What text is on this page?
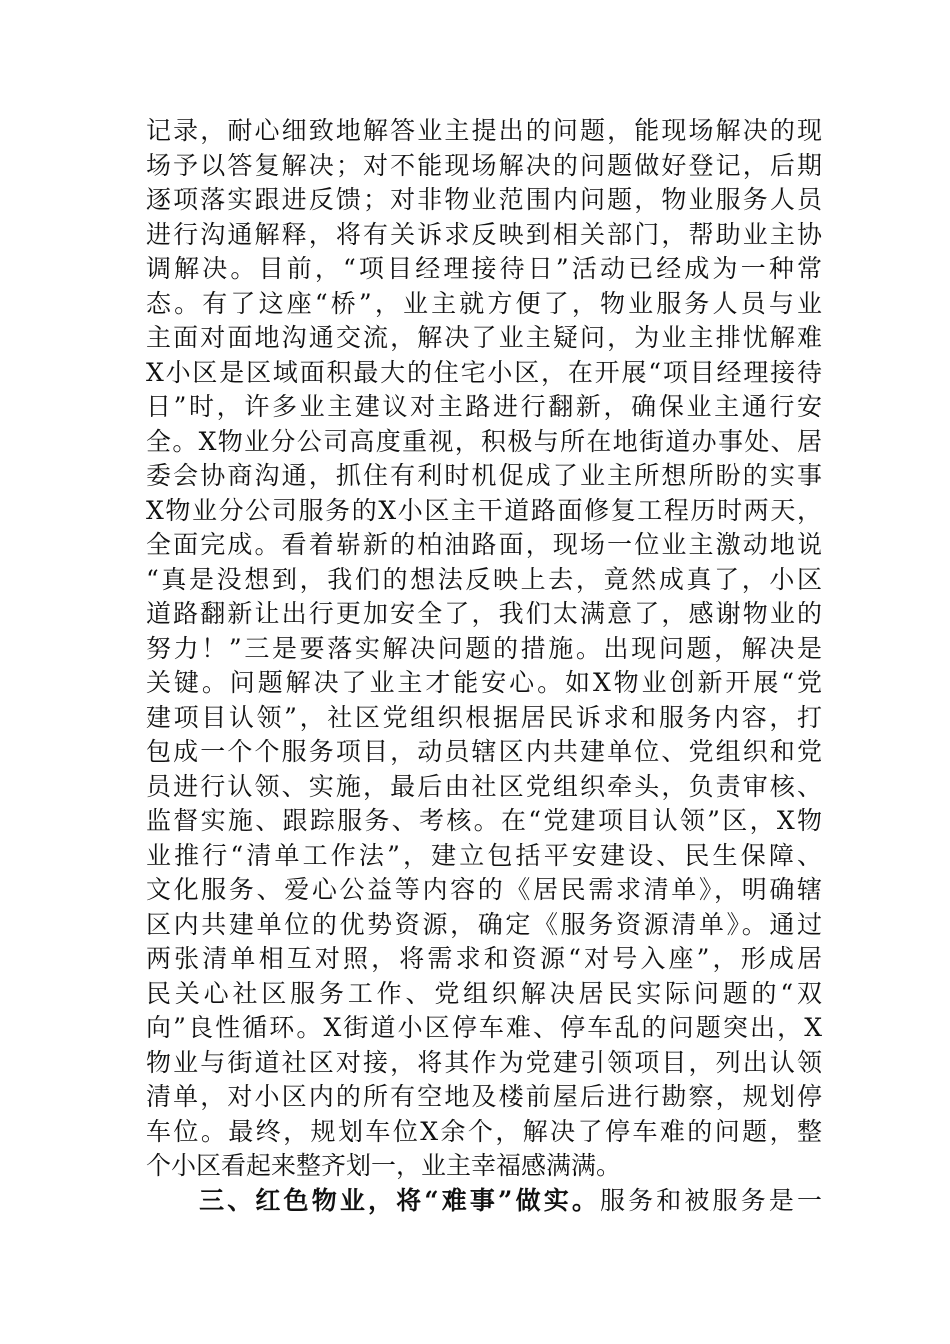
记录，耐心细致地解答业主提出的问题，能现场解决的现
场予以答复解决；对不能现场解决的问题做好登记，后期
逐项落实跟进反馈；对非物业范围内问题，物业服务人员
进行沟通解释，将有关诉求反映到相关部门，帮助业主协
调解决。目前，“项目经理接待日”活动已经成为一种常
态。有了这座“桥”，业主就方便了，物业服务人员与业
主面对面地沟通交流，解决了业主疑问，为业主排忧解难
X小区是区域面积最大的住宅小区，在开展“项目经理接待
日”时，许多业主建议对主路进行翻新，确保业主通行安
全。X物业分公司高度重视，积极与所在地街道办事处、居
委会协商沟通，抓住有利时机促成了业主所想所盼的实事
X物业分公司服务的X小区主干道路面修复工程历时两天，
全面完成。看着崭新的柏油路面，现场一位业主激动地说
“真是没想到，我们的想法反映上去，竟然成真了，小区
道路翻新让出行更加安全了，我们太满意了，感谢物业的
努力！”三是要落实解决问题的措施。出现问题，解决是
关键。问题解决了业主才能安心。如X物业创新开展“党
建项目认领”，社区党组织根据居民诉求和服务内容，打
包成一个个服务项目，动员辖区内共建单位、党组织和党
员进行认领、实施，最后由社区党组织牵头，负责审核、
监督实施、跟踪服务、考核。在“党建项目认领”区，X物
业推行“清单工作法”，建立包括平安建设、民生保障、
文化服务、爱心公益等内容的《居民需求清单》，明确辖
区内共建单位的优势资源，确定《服务资源清单》。通过
两张清单相互对照，将需求和资源“对号入座”，形成居
民关心社区服务工作、党组织解决居民实际问题的“双
向”良性循环。X街道小区停车难、停车乱的问题突出，X
物业与街道社区对接，将其作为党建引领项目，列出认领
清单，对小区内的所有空地及楼前屋后进行勘察，规划停
车位。最终，规划车位X余个，解决了停车难的问题，整
个小区看起来整齐划一，业主幸福感满满。
三、红色物业，将“难事”做实。服务和被服务是一
